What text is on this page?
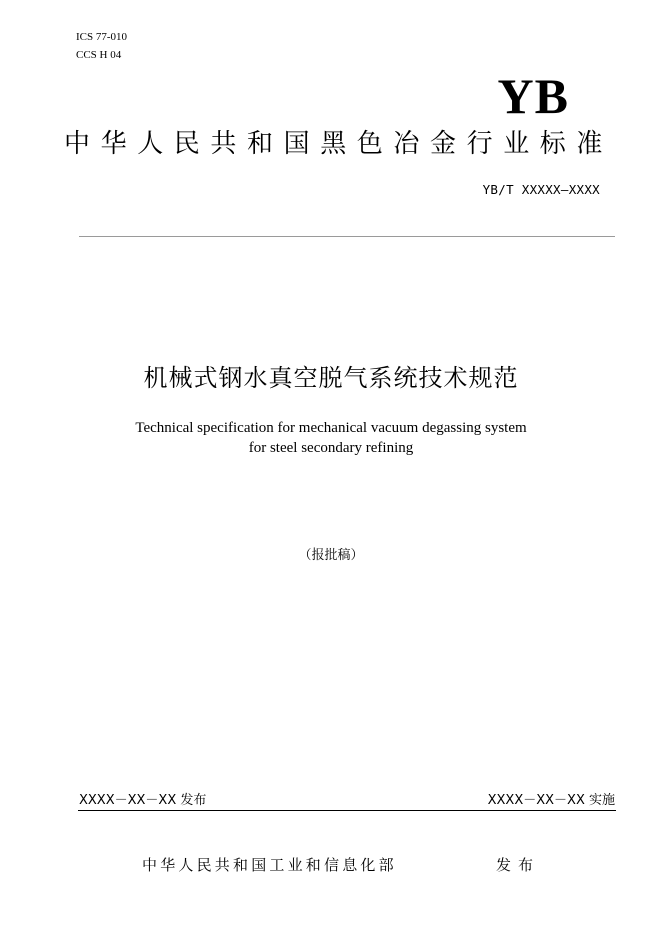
ICS 77-010
CCS H 04
YB
中华人民共和国黑色冶金行业标准
YB/T XXXXX—XXXX
机械式钢水真空脱气系统技术规范
Technical specification for mechanical vacuum degassing system
for steel secondary refining
（报批稿）
XXXX－XX－XX 发布	XXXX－XX－XX 实施
中华人民共和国工业和信息化部	发布
